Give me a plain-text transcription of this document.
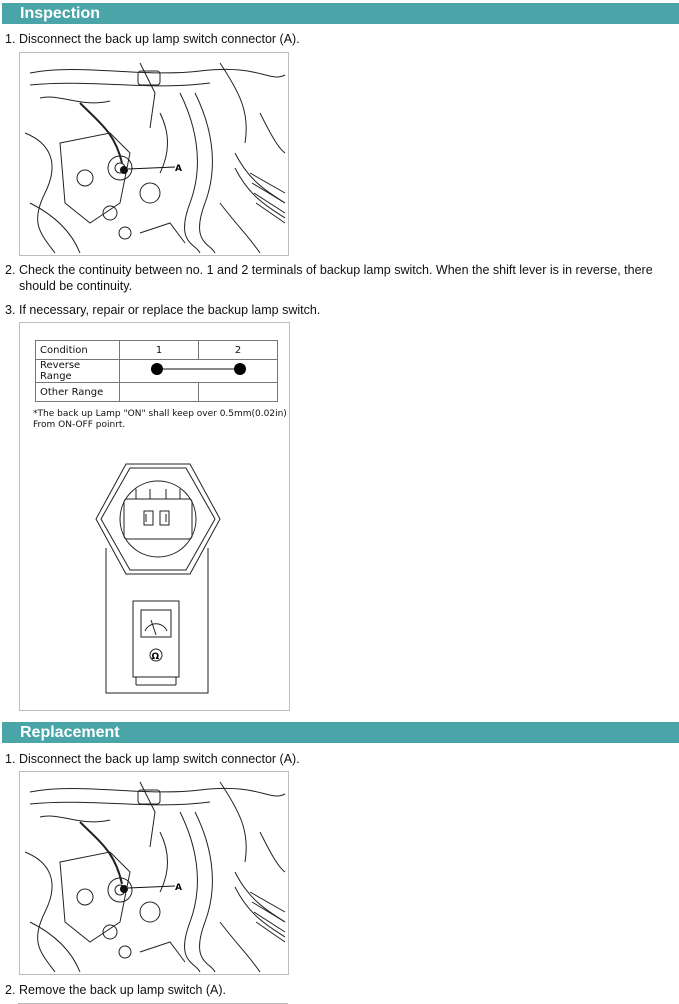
Inspection
1. Disconnect the back up lamp switch connector (A).
A
2. Check the continuity between no. 1 and 2 terminals of backup lamp switch. When the shift lever is in reverse, there should be continuity.
3. If necessary, repair or replace the backup lamp switch.
Condition	1	2
Reverse Range	

Other Range		
*The back up Lamp "ON" shall keep over 0.5mm(0.02in) From ON-OFF poinrt.
Ω
Replacement
1. Disconnect the back up lamp switch connector (A).
A
2. Remove the back up lamp switch (A).
